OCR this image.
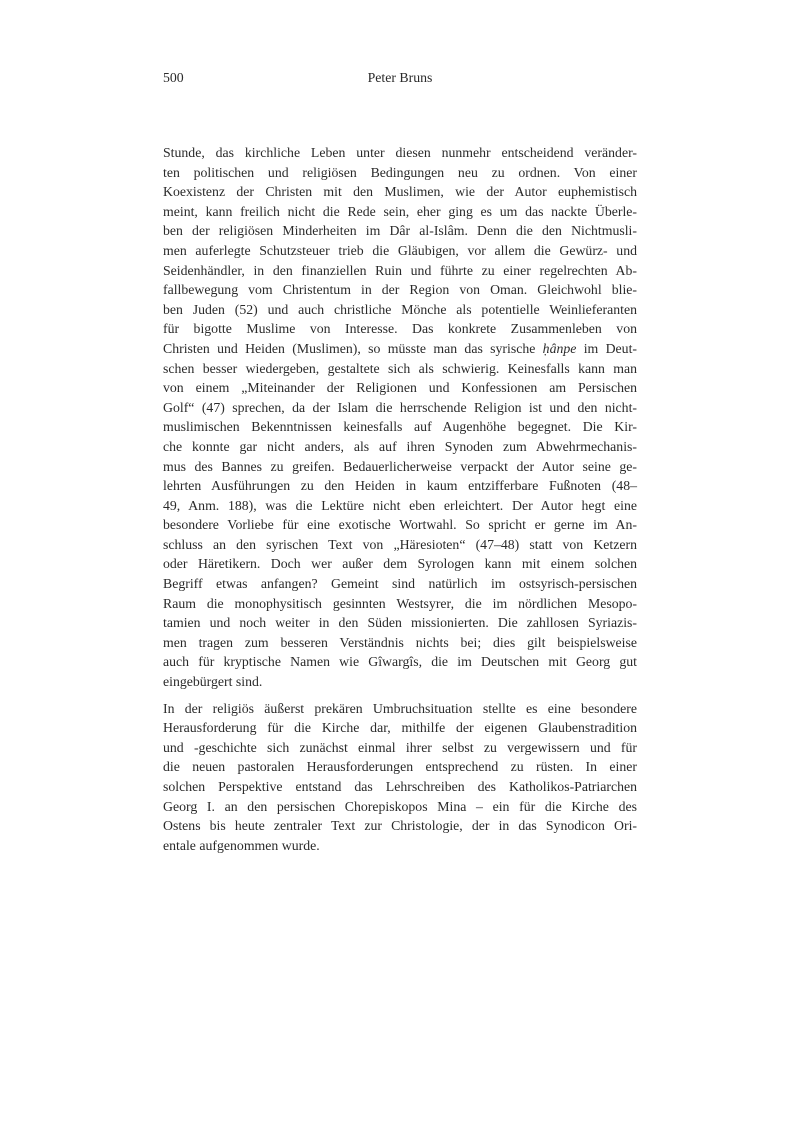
500	Peter Bruns
Stunde, das kirchliche Leben unter diesen nunmehr entscheidend veränder-
ten politischen und religiösen Bedingungen neu zu ordnen. Von einer
Koexistenz der Christen mit den Muslimen, wie der Autor euphemistisch
meint, kann freilich nicht die Rede sein, eher ging es um das nackte Überle-
ben der religiösen Minderheiten im Dâr al-Islâm. Denn die den Nichtmusli-
men auferlegte Schutzsteuer trieb die Gläubigen, vor allem die Gewürz- und
Seidenhändler, in den finanziellen Ruin und führte zu einer regelrechten Ab-
fallbewegung vom Christentum in der Region von Oman. Gleichwohl blie-
ben Juden (52) und auch christliche Mönche als potentielle Weinlieferanten
für bigotte Muslime von Interesse. Das konkrete Zusammenleben von
Christen und Heiden (Muslimen), so müsste man das syrische ḥânpe im Deut-
schen besser wiedergeben, gestaltete sich als schwierig. Keinesfalls kann man
von einem „Miteinander der Religionen und Konfessionen am Persischen
Golf“ (47) sprechen, da der Islam die herrschende Religion ist und den nicht-
muslimischen Bekenntnissen keinesfalls auf Augenhöhe begegnet. Die Kir-
che konnte gar nicht anders, als auf ihren Synoden zum Abwehrmechanis-
mus des Bannes zu greifen. Bedauerlicherweise verpackt der Autor seine ge-
lehrten Ausführungen zu den Heiden in kaum entzifferbare Fußnoten (48–
49, Anm. 188), was die Lektüre nicht eben erleichtert. Der Autor hegt eine
besondere Vorliebe für eine exotische Wortwahl. So spricht er gerne im An-
schluss an den syrischen Text von „Häresioten“ (47–48) statt von Ketzern
oder Häretikern. Doch wer außer dem Syrologen kann mit einem solchen
Begriff etwas anfangen? Gemeint sind natürlich im ostsyrisch-persischen
Raum die monophysitisch gesinnten Westsyrer, die im nördlichen Mesopo-
tamien und noch weiter in den Süden missionierten. Die zahllosen Syriazis-
men tragen zum besseren Verständnis nichts bei; dies gilt beispielsweise
auch für kryptische Namen wie Gîwargîs, die im Deutschen mit Georg gut
eingebürgert sind.
In der religiös äußerst prekären Umbruchsituation stellte es eine besondere
Herausforderung für die Kirche dar, mithilfe der eigenen Glaubenstradition
und -geschichte sich zunächst einmal ihrer selbst zu vergewissern und für
die neuen pastoralen Herausforderungen entsprechend zu rüsten. In einer
solchen Perspektive entstand das Lehrschreiben des Katholikos-Patriarchen
Georg I. an den persischen Chorepiskopos Mina – ein für die Kirche des
Ostens bis heute zentraler Text zur Christologie, der in das Synodicon Ori-
entale aufgenommen wurde.
